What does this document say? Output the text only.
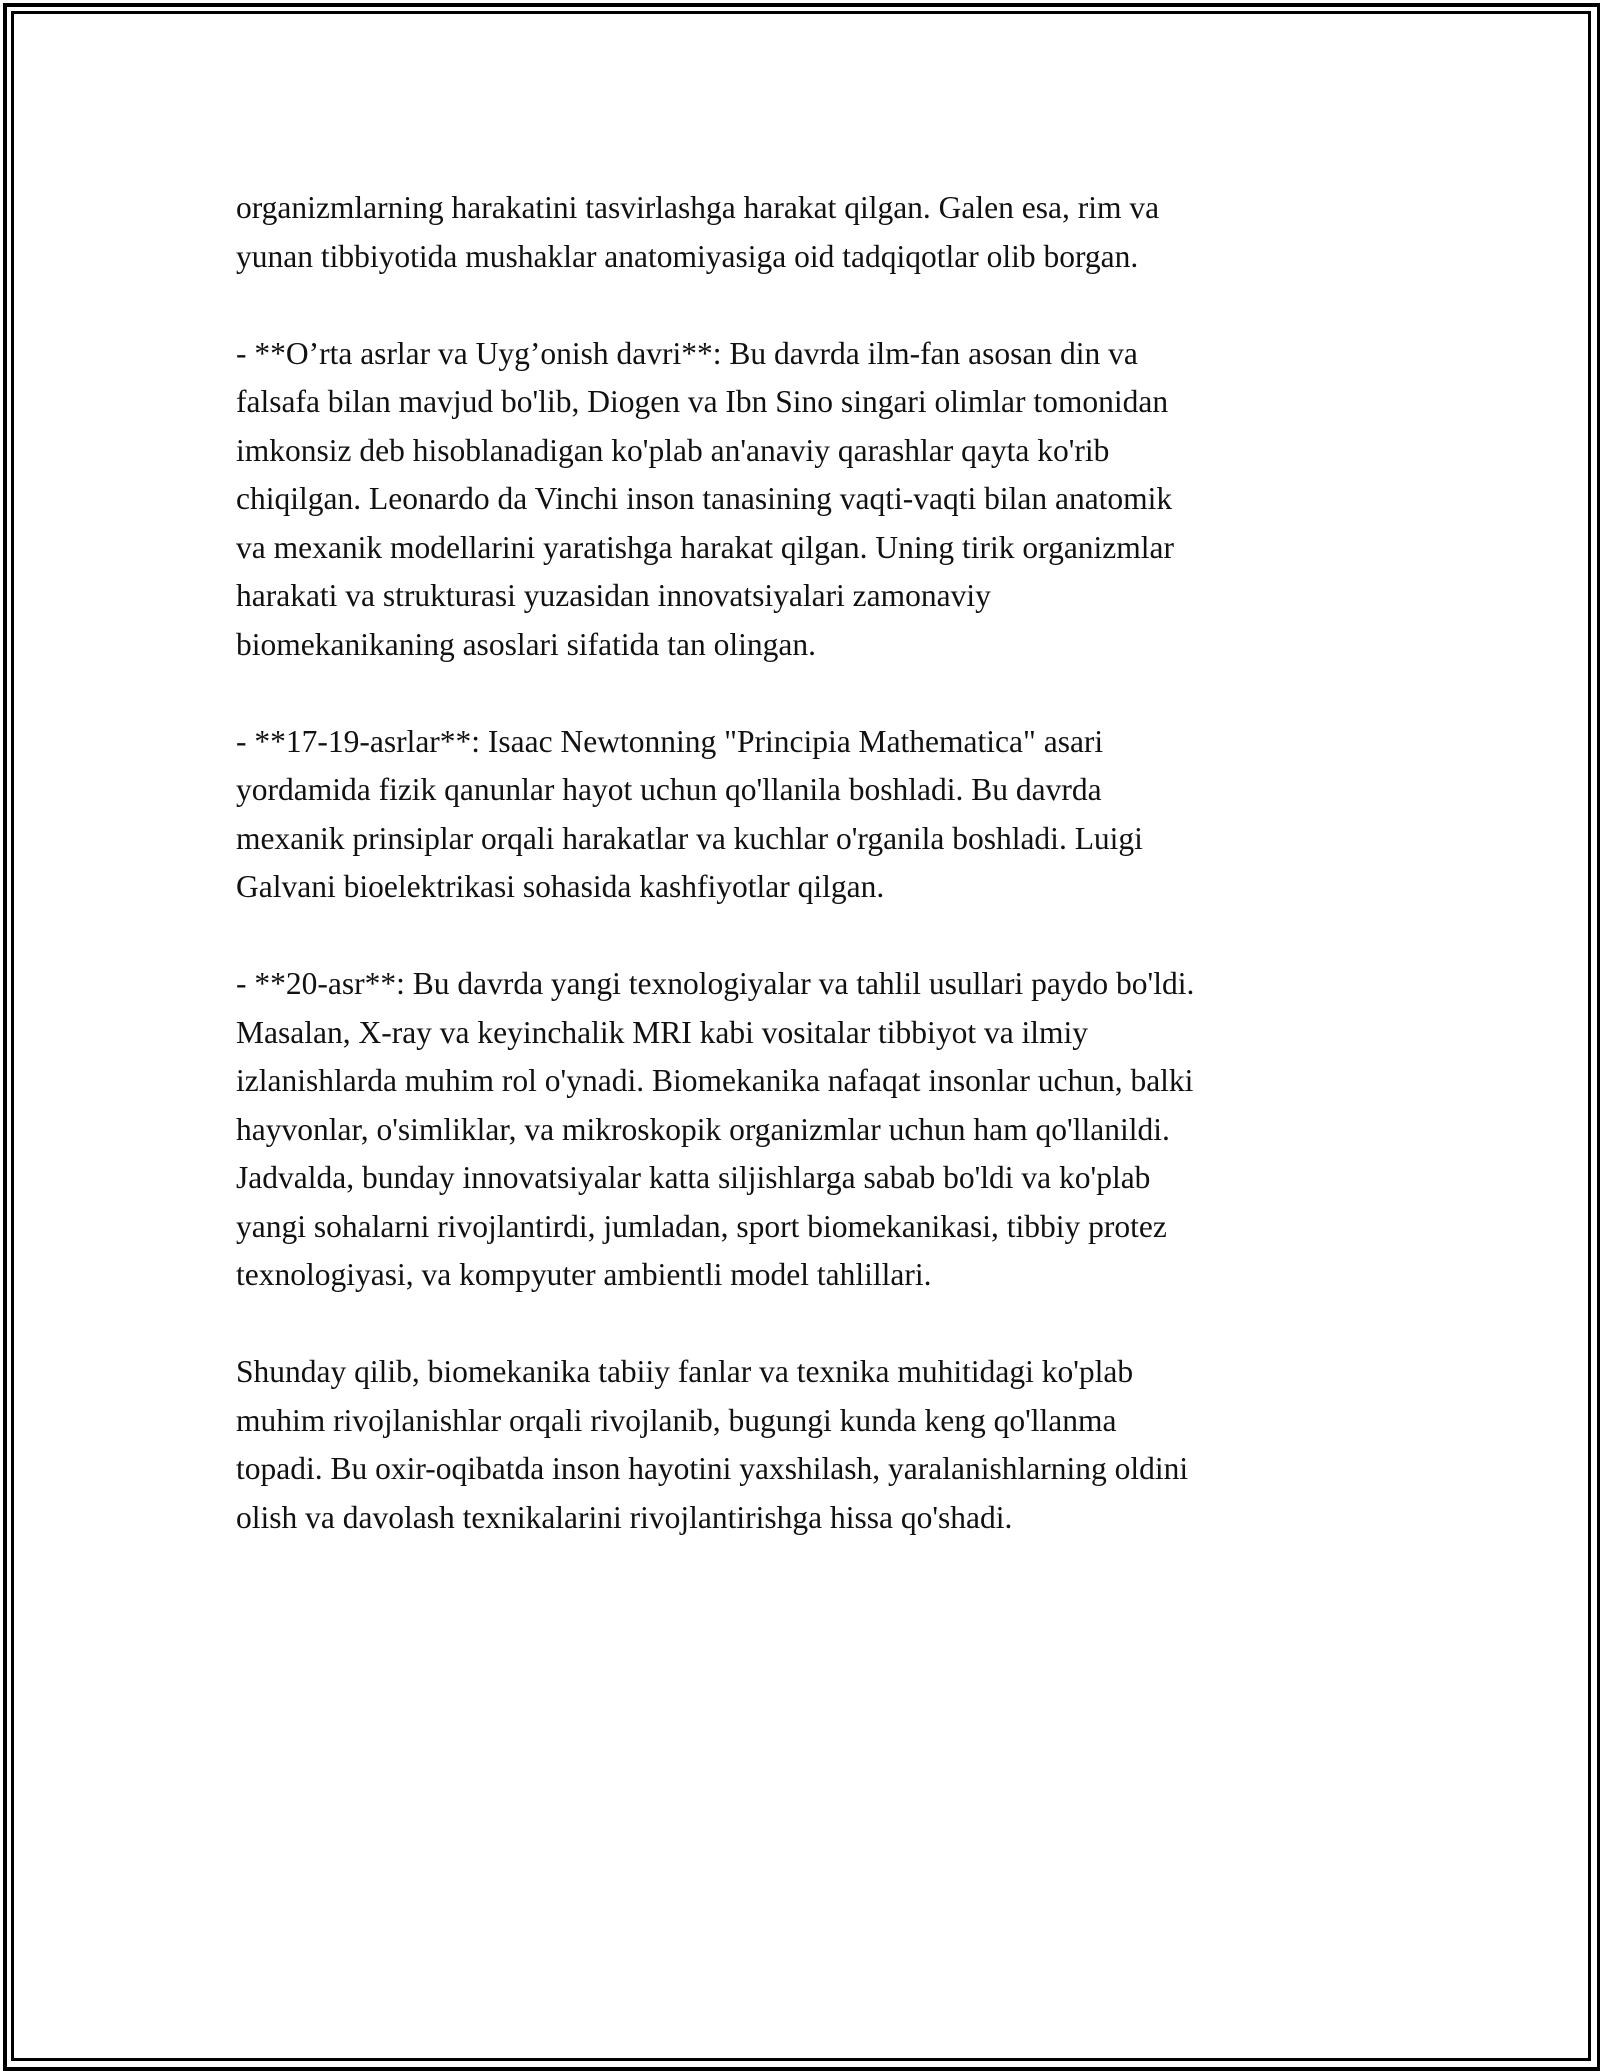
organizmlarning harakatini tasvirlashga harakat qilgan. Galen esa, rim va
yunan tibbiyotida mushaklar anatomiyasiga oid tadqiqotlar olib borgan.

- **O’rta asrlar va Uyg’onish davri**: Bu davrda ilm-fan asosan din va
falsafa bilan mavjud bo'lib, Diogen va Ibn Sino singari olimlar tomonidan
imkonsiz deb hisoblanadigan ko'plab an'anaviy qarashlar qayta ko'rib
chiqilgan. Leonardo da Vinchi inson tanasining vaqti-vaqti bilan anatomik
va mexanik modellarini yaratishga harakat qilgan. Uning tirik organizmlar
harakati va strukturasi yuzasidan innovatsiyalari zamonaviy
biomekanikaning asoslari sifatida tan olingan.

- **17-19-asrlar**: Isaac Newtonning "Principia Mathematica" asari
yordamida fizik qanunlar hayot uchun qo'llanila boshladi. Bu davrda
mexanik prinsiplar orqali harakatlar va kuchlar o'rganila boshladi. Luigi
Galvani bioelektrikasi sohasida kashfiyotlar qilgan.

- **20-asr**: Bu davrda yangi texnologiyalar va tahlil usullari paydo bo'ldi.
Masalan, X-ray va keyinchalik MRI kabi vositalar tibbiyot va ilmiy
izlanishlarda muhim rol o'ynadi. Biomekanika nafaqat insonlar uchun, balki
hayvonlar, o'simliklar, va mikroskopik organizmlar uchun ham qo'llanildi.
Jadvalda, bunday innovatsiyalar katta siljishlarga sabab bo'ldi va ko'plab
yangi sohalarni rivojlantirdi, jumladan, sport biomekanikasi, tibbiy protez
texnologiyasi, va kompyuter ambientli model tahlillari.

Shunday qilib, biomekanika tabiiy fanlar va texnika muhitidagi ko'plab
muhim rivojlanishlar orqali rivojlanib, bugungi kunda keng qo'llanma
topadi. Bu oxir-oqibatda inson hayotini yaxshilash, yaralanishlarning oldini
olish va davolash texnikalarini rivojlantirishga hissa qo'shadi.
